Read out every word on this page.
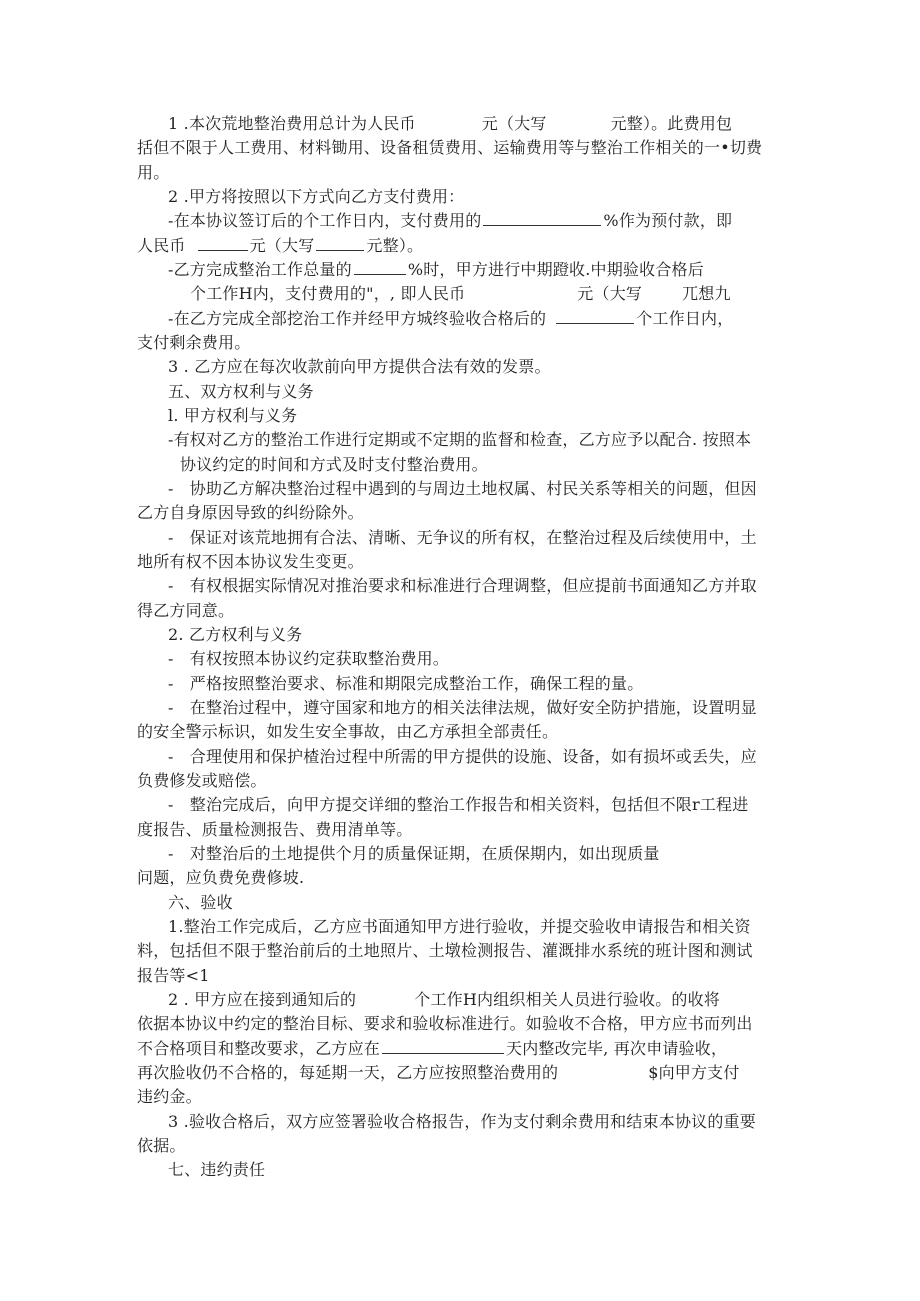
1 .本次荒地整治费用总计为人民币	元（大写	元整）。此费用包
括但不限于人工费用、材料锄用、设备租赁费用、运输费用等与整治工作相关的一•切费
用。
2 .甲方将按照以下方式向乙方支付费用：
-在本协议签订后的个工作日内，支付费用的	%作为预付款，即
人民币	元（大写	元整）。
-乙方完成整治工作总量的	%时，甲方进行中期蹬收.中期验收合格后
个工作H内，支付费用的"，, 即人民币	元（大写	兀想九
-在乙方完成全部挖治工作并经甲方城终验收合格后的	个工作日内，
支付剩余费用。
3 . 乙方应在每次收款前向甲方提供合法有效的发票。
五、双方权利与义务
l. 甲方权利与义务
-有权对乙方的整治工作进行定期或不定期的监督和检查，乙方应予以配合. 按照本
协议约定的时间和方式及时支付整治费用。
-　协助乙方解决整治过程中遇到的与周边土地权属、村民关系等相关的问题，但因
乙方自身原因导致的纠纷除外。
-　保证对该荒地拥有合法、清晰、无争议的所有权，在整治过程及后续使用中，土
地所有权不因本协议发生变更。
-　有权根据实际情况对推治要求和标准进行合理调整，但应提前书面通知乙方并取
得乙方同意。
2. 乙方权利与义务
-　有权按照本协议约定获取整治费用。
-　严格按照整治要求、标准和期限完成整治工作，确保工程的量。
-　在整治过程中，遵守国家和地方的相关法律法规，做好安全防护措施，设置明显
的安全警示标识，如发生安全事故，由乙方承担全部责任。
-　合理使用和保护楂治过程中所需的甲方提供的设施、设备，如有损坏或丢失，应
负费修发或赔偿。
-　整治完成后，向甲方提交详细的整治工作报告和相关资料，包括但不限r工程进
度报告、质量检测报告、费用清单等。
-　对整治后的土地提供个月的质量保证期，在质保期内，如出现质量
问题，应负费免费修坡.
六、验收
1.整治工作完成后，乙方应书面通知甲方进行验收，并提交验收申请报告和相关资
料，包括但不限于整治前后的土地照片、土墩检测报告、灌溉排水系统的班计图和测试
报告等<1
2 . 甲方应在接到通知后的	个工作H内组织相关人员进行验收。的收将
依据本协议中约定的整治目标、要求和验收标准进行。如验收不合格，甲方应书而列出
不合格项目和整改要求，乙方应在	天内整改完毕, 再次申请验收，
再次脸收仍不合格的，每延期一天，乙方应按照整治费用的	$向甲方支付
违约金。
3 .验收合格后，双方应签署验收合格报告，作为支付剩余费用和结束本协议的重要
依据。
七、违约责任
